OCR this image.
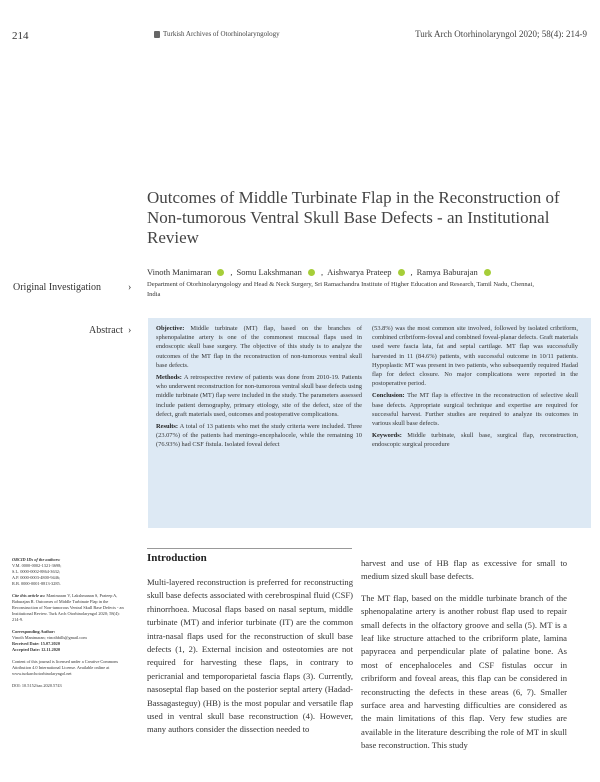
214	Turkish Archives of Otorhinolaryngology	Turk Arch Otorhinolaryngol 2020; 58(4): 214-9
Outcomes of Middle Turbinate Flap in the Reconstruction of Non-tumorous Ventral Skull Base Defects - an Institutional Review
Original Investigation	›
Vinoth Manimaran , Somu Lakshmanan , Aishwarya Prateep , Ramya Baburajan
Department of Otorhinolaryngology and Head & Neck Surgery, Sri Ramachandra Institute of Higher Education and Research, Tamil Nadu, Chennai, India
Abstract ›	Objective: Middle turbinate (MT) flap, based on the branches of sphenopalatine artery is one of the commonest mucosal flaps used in endoscopic skull base surgery. The objective of this study is to analyze the outcomes of the MT flap in the reconstruction of non-tumorous ventral skull base defects.

Methods: A retrospective review of patients was done from 2010-19. Patients who underwent reconstruction for non-tumorous ventral skull base defects using middle turbinate (MT) flap were included in the study. The parameters assessed include patient demography, primary etiology, site of the defect, size of the defect, graft materials used, outcomes and postoperative complications.

Results: A total of 13 patients who met the study criteria were included. Three (23.07%) of the patients had meningo-encephalocele, while the remaining 10 (76.93%) had CSF fistula. Isolated foveal defect

(53.8%) was the most common site involved, followed by isolated cribriform, combined cribriform-foveal and combined foveal-planar defects. Graft materials used were fascia lata, fat and septal cartilage. MT flap was successfully harvested in 11 (84.6%) patients, with successful outcome in 10/11 patients. Hypoplastic MT was present in two patients, who subsequently required Hadad flap for defect closure. No major complications were reported in the postoperative period.

Conclusion: The MT flap is effective in the reconstruction of selective skull base defects. Appropriate surgical technique and expertise are required for successful harvest. Further studies are required to analyze its outcomes in various skull base defects.

Keywords: Middle turbinate, skull base, surgical flap, reconstruction, endoscopic surgical procedure

ORCID IDs of the authors:
V.M. 0000-0002-1321-3698;
S.L. 0000-0002-8864-3632;
A.P. 0000-0003-4800-9446;
R.B. 0000-0001-8813-3285.
Cite this article as: Manimaran V, Lakshmanan S, Prateep A, Baburajan R. Outcomes of Middle Turbinate Flap in the Reconstruction of Non-tumorous Ventral Skull Base Defects - an Institutional Review. Turk Arch Otorhinolaryngol 2020; 58(4): 214-9.
Corresponding Author:
Vinoth Manimaran; vinothbilh@gmail.com
Received Date: 15.07.2020
Accepted Date: 12.11.2020
Content of this journal is licensed under a Creative Commons Attribution 4.0 International License. Available online at www.turkarchotorhinolaryngol.net
DOI: 10.5152/tao.2020.5743
Introduction

Multi-layered reconstruction is preferred for reconstructing skull base defects associated with cerebrospinal fluid (CSF) rhinorrhoea. Mucosal flaps based on nasal septum, middle turbinate (MT) and inferior turbinate (IT) are the common intra-nasal flaps used for the reconstruction of skull base defects (1, 2). External incision and osteotomies are not required for harvesting these flaps, in contrary to pericranial and temporoparietal fascia flaps (3). Currently, nasoseptal flap based on the posterior septal artery (Hadad-Bassagasteguy) (HB) is the most popular and versatile flap used in ventral skull base reconstruction (4). However, many authors consider the dissection needed to

harvest and use of HB flap as excessive for small to medium sized skull base defects.

The MT flap, based on the middle turbinate branch of the sphenopalatine artery is another robust flap used to repair small defects in the olfactory groove and sella (5). MT is a leaf like structure attached to the cribriform plate, lamina papyracea and perpendicular plate of palatine bone. As most of encephaloceles and CSF fistulas occur in cribriform and foveal areas, this flap can be considered in reconstructing the defects in these areas (6, 7). Smaller surface area and harvesting difficulties are considered as the main limitations of this flap. Very few studies are available in the literature describing the role of MT in skull base reconstruction. This study
